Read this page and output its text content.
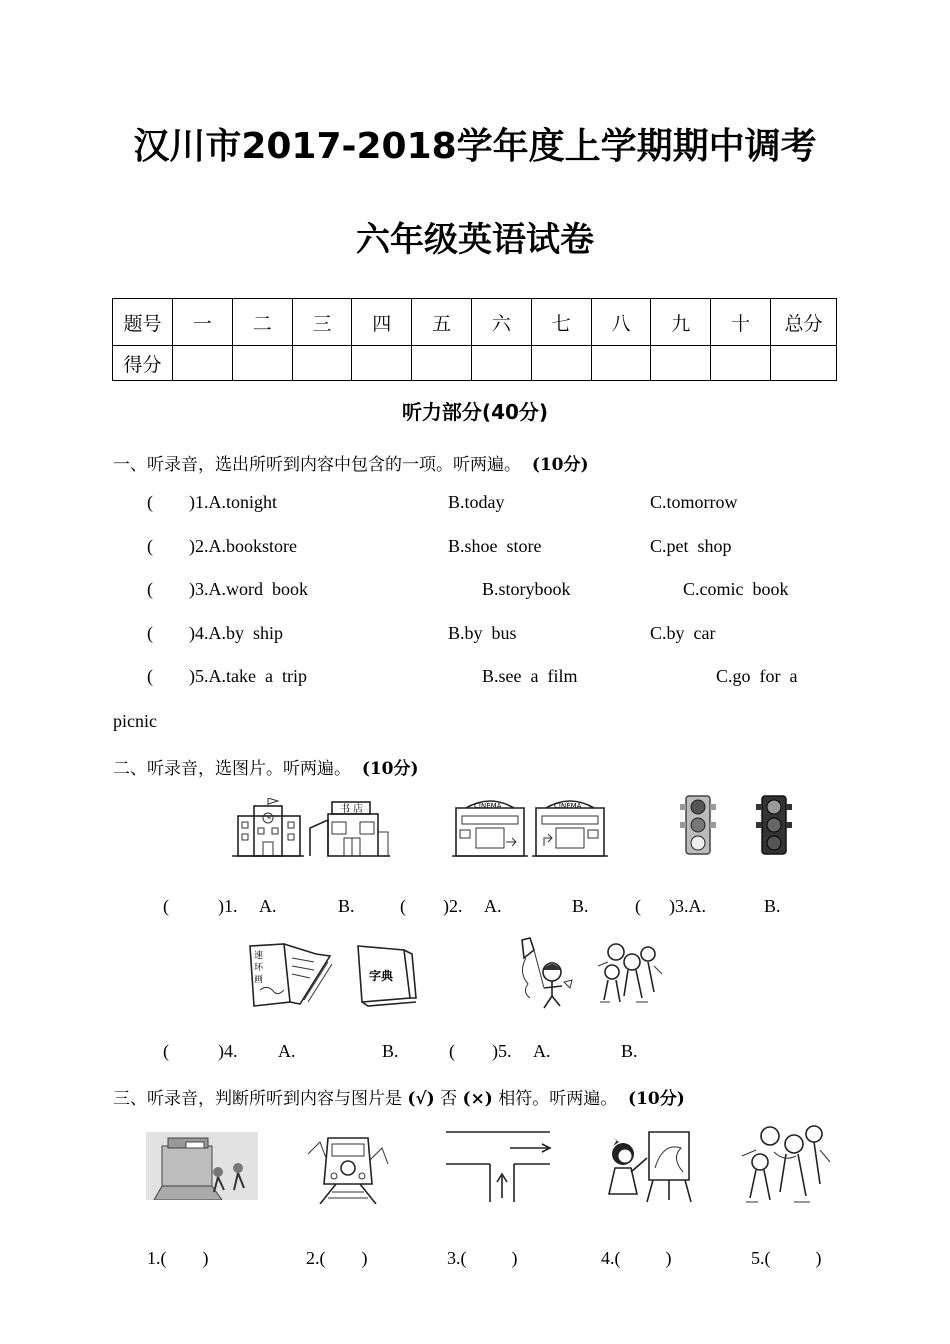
汉川市2017-2018学年度上学期期中调考
六年级英语试卷
题号	一	二	三	四	五	六	七	八	九	十	总分
得分											
听力部分(40分)
一、听录音，选出所听到内容中包含的一项。听两遍。 (10分)
(        )1.A.tonight	B.today	C.tomorrow
(        )2.A.bookstore	B.shoe  store	C.pet  shop
(        )3.A.word  book	B.storybook	C.comic  book
(        )4.A.by  ship	B.by  bus	C.by  car
(        )5.A.take  a  trip	B.see  a  film	C.go  for  a
picnic
二、听录音，选图片。听两遍。 (10分)
书 店	CINEMA	CINEMA
(	)1. A.	B.	( )2. A.	B.	( )3.A.	B.
速
环
画	字典
(	)4. A.	B.	( )5. A.	B.
三、听录音，判断所听到内容与图片是 (√) 否 (×) 相符。听两遍。 (10分)
1.(        )	2.(        )	3.(          )	4.(          )	5.(          )
